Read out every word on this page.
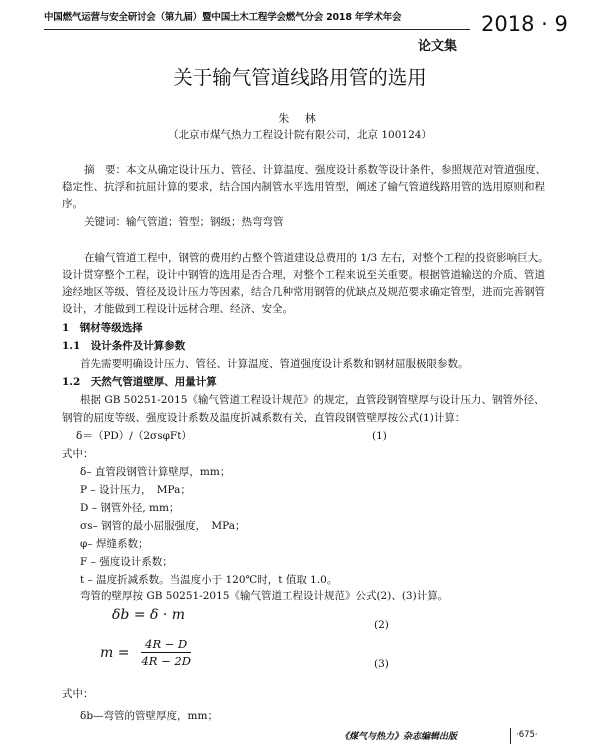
中国燃气运营与安全研讨会（第九届）暨中国土木工程学会燃气分会 2018 年学术年会	2018 · 9
论文集
关于输气管道线路用管的选用
朱 林
（北京市煤气热力工程设计院有限公司，北京 100124）
摘　要：本文从确定设计压力、管径、计算温度、强度设计系数等设计条件，参照规范对管道强度、稳定性、抗浮和抗屈计算的要求，结合国内制管水平选用管型，阐述了输气管道线路用管的选用原则和程序。
关键词：输气管道；管型；钢级；热弯弯管
在输气管道工程中，钢管的费用约占整个管道建设总费用的 1/3 左右，对整个工程的投资影响巨大。设计贯穿整个工程，设计中钢管的选用是否合理，对整个工程来说至关重要。根据管道输送的介质、管道途经地区等级、管径及设计压力等因素，结合几种常用钢管的优缺点及规范要求确定管型，进而完善钢管设计，才能做到工程设计远材合理、经济、安全。
1　钢材等级选择
1.1　设计条件及计算参数
首先需要明确设计压力、管径、计算温度、管道强度设计系数和钢材屈服极限参数。
1.2　天然气管道壁厚、用量计算
根据 GB 50251-2015《输气管道工程设计规范》的规定，直管段钢管壁厚与设计压力、钢管外径、
钢管的屈度等级、强度设计系数及温度折减系数有关，直管段钢管壁厚按公式(1)计算：
δ＝（PD）/（2σsφFt）	(1)
式中：
δ– 直管段钢管计算壁厚，mm；
P – 设计压力，　MPa；
D – 钢管外径, mm；
σs– 钢管的最小屈服强度，　MPa；
φ– 焊缝系数；
F – 强度设计系数；
t – 温度折减系数。当温度小于 120℃时，t 值取 1.0。
弯管的壁厚按 GB 50251-2015《输气管道工程设计规范》公式(2)、(3)计算。
δb = δ · m
(2)
$m = \frac{4R - D}{4R - 2D}$	(3)
式中：
δb—弯管的管壁厚度，mm；
《煤气与热力》杂志编辑出版	·675·
